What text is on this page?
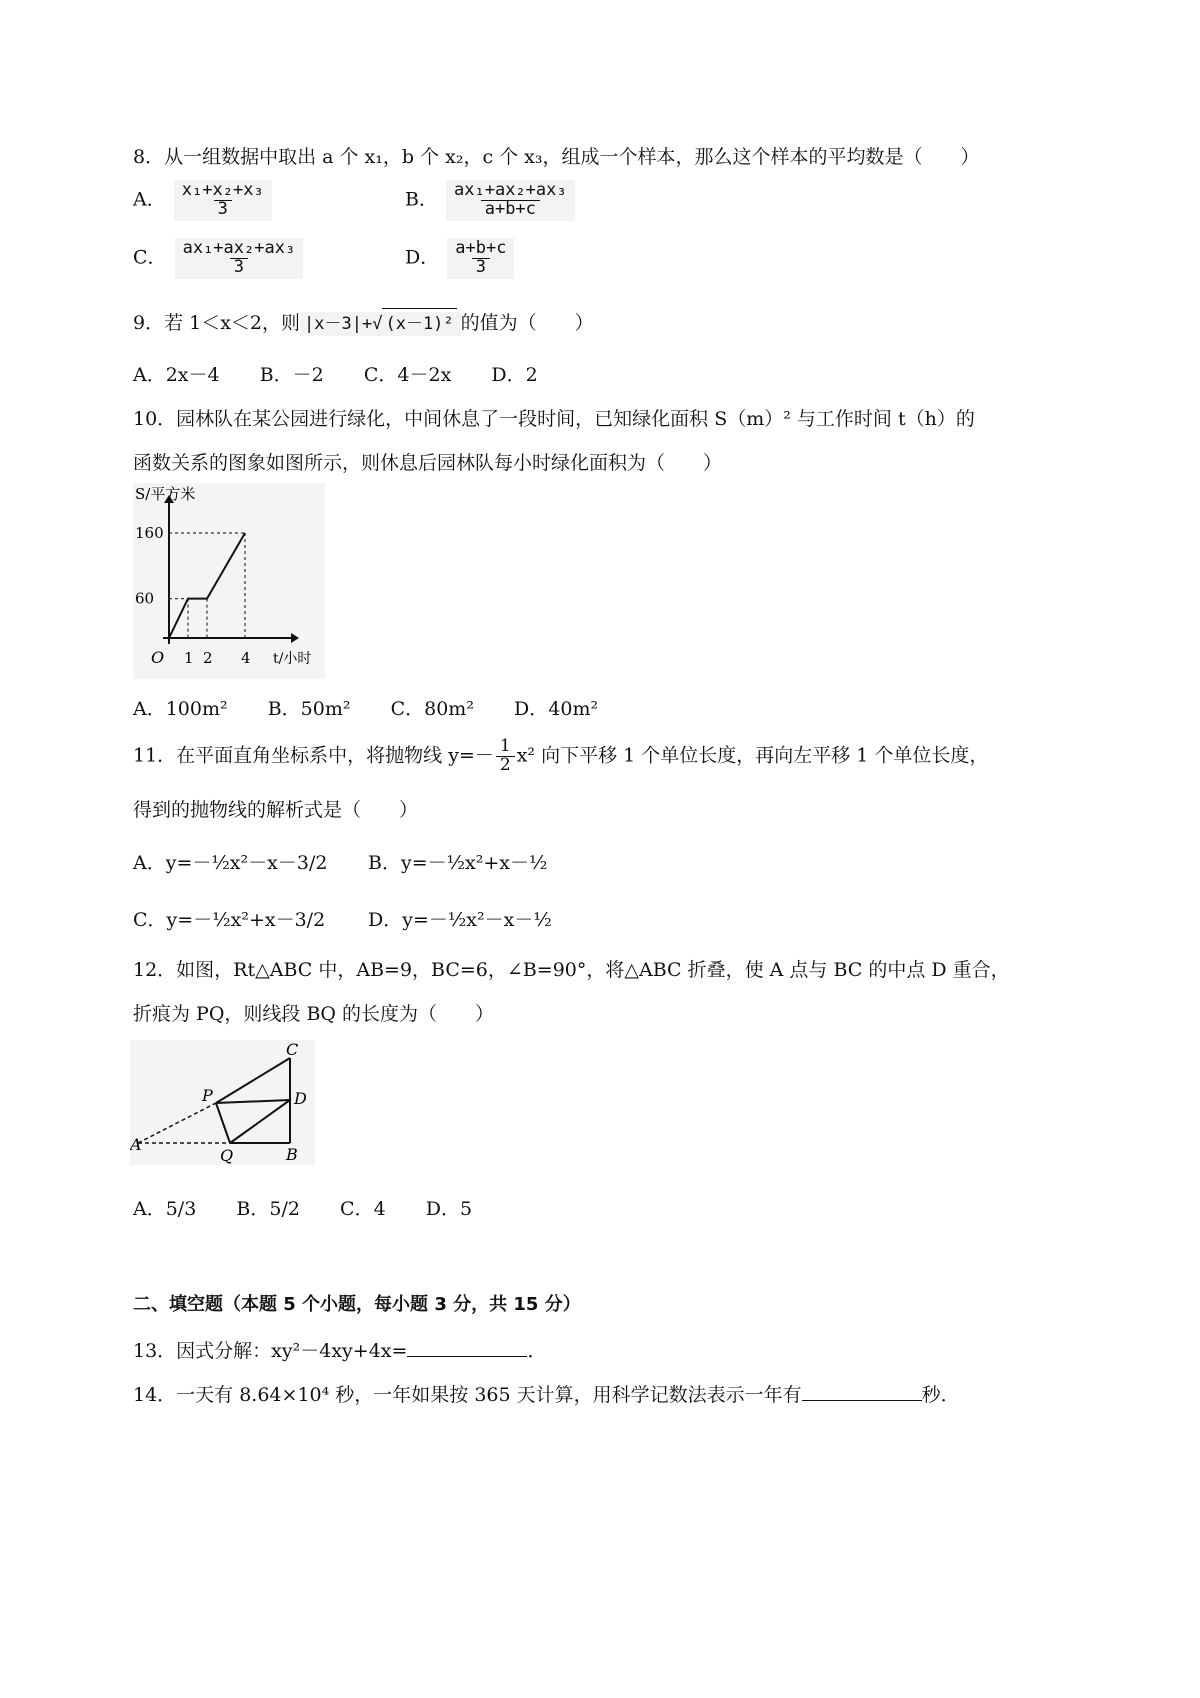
8．从一组数据中取出 a 个 x₁，b 个 x₂，c 个 x₃，组成一个样本，那么这个样本的平均数是（　　）
A． $\frac{\text{x₁+x₂+x₃}}{3}$	B． $\frac{\text{ax₁+ax₂+ax₃}}{a+b+c}$
C． $\frac{\text{ax₁+ax₂+ax₃}}{3}$	D． $\frac{a+b+c}{3}$
9．若 1＜x＜2，则 |x－3|+√ (x－1)² 的值为（　　）
A．2x－4 B．－2 C．4－2x D．2
10．园林队在某公园进行绿化，中间休息了一段时间，已知绿化面积 S（m）² 与工作时间 t（h）的
函数关系的图象如图所示，则休息后园林队每小时绿化面积为（　　）
S/平方米
t/小时
O
60
160
1 2 4
A．100m² B．50m² C．80m² D．40m²
11．在平面直角坐标系中，将抛物线 $y=- \frac{1}{2} x^2$ 向下平移 1 个单位长度，再向左平移 1 个单位长度，
得到的抛物线的解析式是（　　）
A．y=－½x²－x－3/2 B．y=－½x²+x－½
C．y=－½x²+x－3/2 D．y=－½x²－x－½
12．如图，Rt△ABC 中，AB=9，BC=6，∠B=90°，将△ABC 折叠，使 A 点与 BC 的中点 D 重合，
折痕为 PQ，则线段 BQ 的长度为（　　）
A
B
C
D
P
Q
A．5/3 B．5/2 C．4 D．5
二、填空题（本题 5 个小题，每小题 3 分，共 15 分）
13．因式分解：xy²－4xy+4x=	．
14．一天有 8.64×10⁴ 秒，一年如果按 365 天计算，用科学记数法表示一年有	秒．
